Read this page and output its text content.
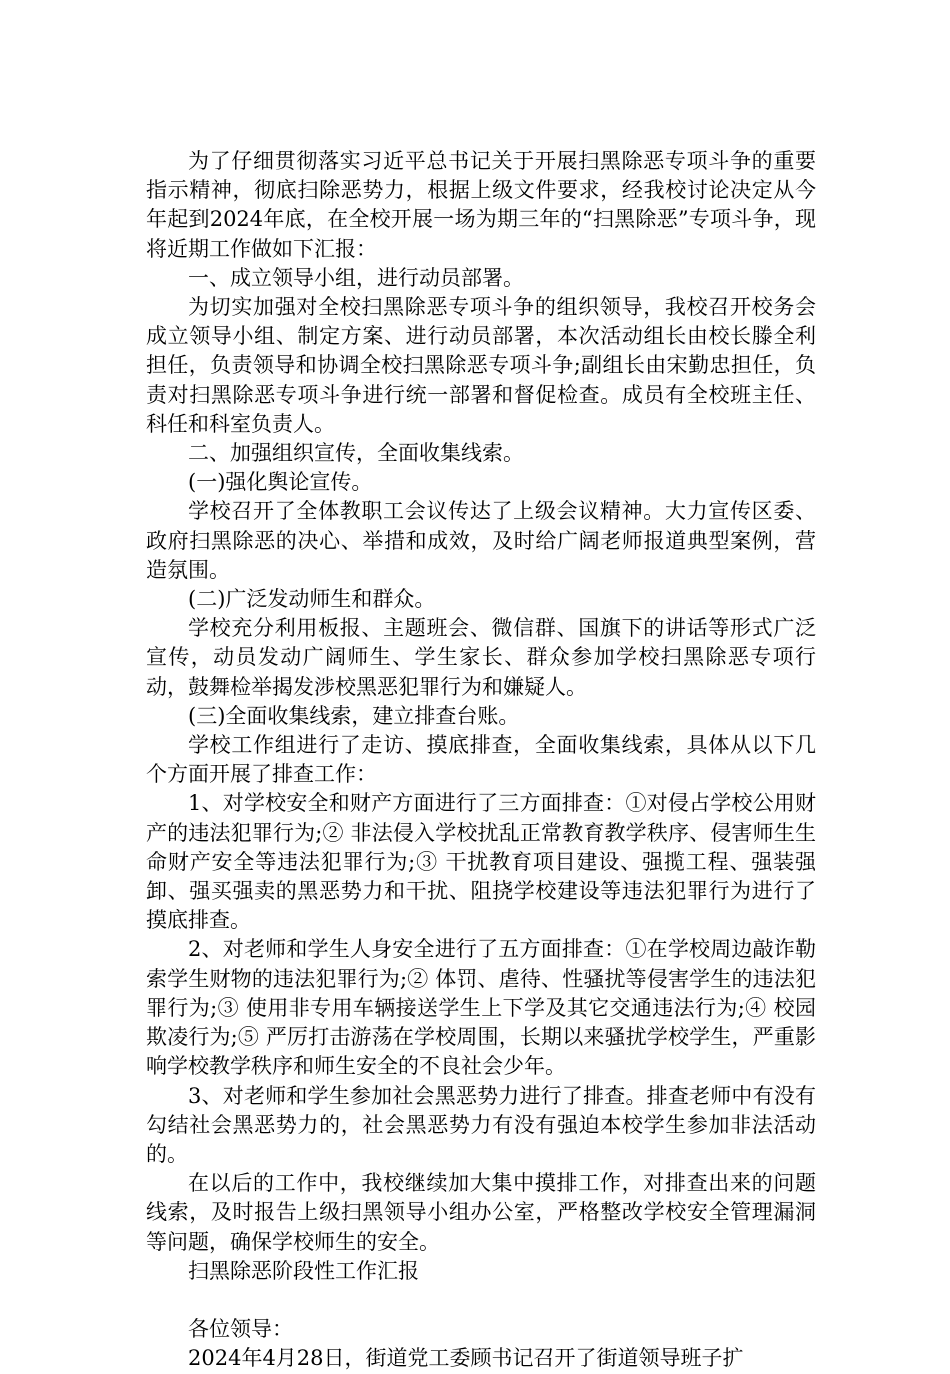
为了仔细贯彻落实习近平总书记关于开展扫黑除恶专项斗争的重要指示精神，彻底扫除恶势力，根据上级文件要求，经我校讨论决定从今年起到2024年底，在全校开展一场为期三年的“扫黑除恶”专项斗争，现将近期工作做如下汇报：

一、成立领导小组，进行动员部署。

为切实加强对全校扫黑除恶专项斗争的组织领导，我校召开校务会成立领导小组、制定方案、进行动员部署，本次活动组长由校长滕全利担任，负责领导和协调全校扫黑除恶专项斗争;副组长由宋勤忠担任，负责对扫黑除恶专项斗争进行统一部署和督促检查。成员有全校班主任、科任和科室负责人。

二、加强组织宣传，全面收集线索。

(一)强化舆论宣传。

学校召开了全体教职工会议传达了上级会议精神。大力宣传区委、政府扫黑除恶的决心、举措和成效，及时给广阔老师报道典型案例，营造氛围。

(二)广泛发动师生和群众。

学校充分利用板报、主题班会、微信群、国旗下的讲话等形式广泛宣传，动员发动广阔师生、学生家长、群众参加学校扫黑除恶专项行动，鼓舞检举揭发涉校黑恶犯罪行为和嫌疑人。

(三)全面收集线索，建立排查台账。

学校工作组进行了走访、摸底排查，全面收集线索，具体从以下几个方面开展了排查工作：

1、对学校安全和财产方面进行了三方面排查：①对侵占学校公用财产的违法犯罪行为;② 非法侵入学校扰乱正常教育教学秩序、侵害师生生命财产安全等违法犯罪行为;③ 干扰教育项目建设、强揽工程、强装强卸、强买强卖的黑恶势力和干扰、阻挠学校建设等违法犯罪行为进行了摸底排查。

2、对老师和学生人身安全进行了五方面排查：①在学校周边敲诈勒索学生财物的违法犯罪行为;② 体罚、虐待、性骚扰等侵害学生的违法犯罪行为;③ 使用非专用车辆接送学生上下学及其它交通违法行为;④ 校园欺凌行为;⑤ 严厉打击游荡在学校周围，长期以来骚扰学校学生，严重影响学校教学秩序和师生安全的不良社会少年。

3、对老师和学生参加社会黑恶势力进行了排查。排查老师中有没有勾结社会黑恶势力的，社会黑恶势力有没有强迫本校学生参加非法活动的。

在以后的工作中，我校继续加大集中摸排工作，对排查出来的问题线索，及时报告上级扫黑领导小组办公室，严格整改学校安全管理漏洞等问题，确保学校师生的安全。

扫黑除恶阶段性工作汇报

各位领导：

2024年4月28日，街道党工委顾书记召开了街道领导班子扩
